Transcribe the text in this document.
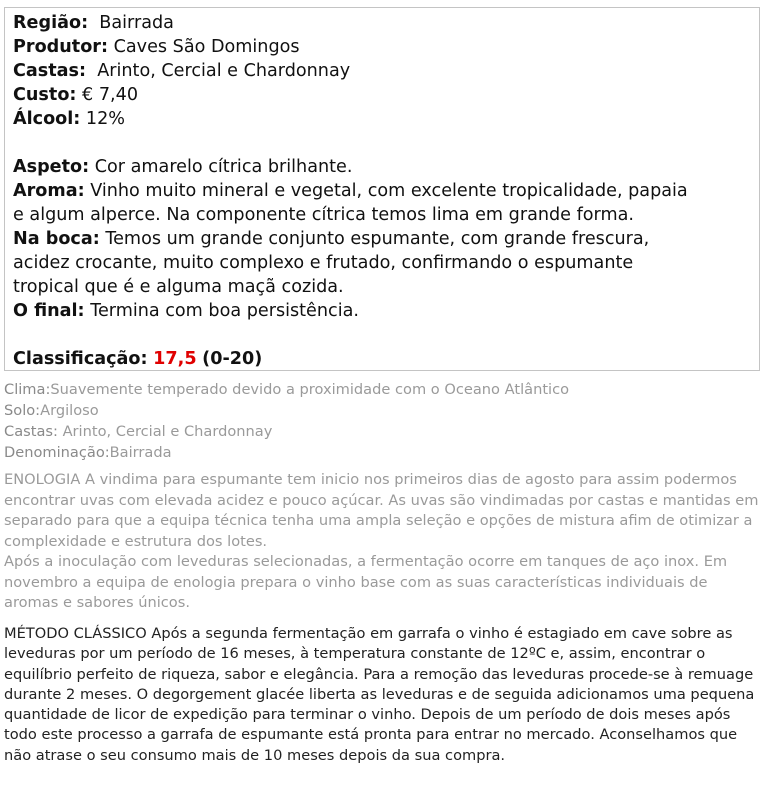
Região: Bairrada
Produtor: Caves São Domingos
Castas: Arinto, Cercial e Chardonnay
Custo: € 7,40
Álcool: 12%
Aspeto: Cor amarelo cítrica brilhante.
Aroma: Vinho muito mineral e vegetal, com excelente tropicalidade, papaia
e algum alperce. Na componente cítrica temos lima em grande forma.
Na boca: Temos um grande conjunto espumante, com grande frescura,
acidez crocante, muito complexo e frutado, confirmando o espumante
tropical que é e alguma maçã cozida.
O final: Termina com boa persistência.
Classificação: 17,5 (0-20)
Clima:Suavemente temperado devido a proximidade com o Oceano Atlântico
Solo:Argiloso
Castas: Arinto, Cercial e Chardonnay
Denominação:Bairrada
ENOLOGIA A vindima para espumante tem inicio nos primeiros dias de agosto para assim podermos encontrar uvas com elevada acidez e pouco açúcar. As uvas são vindimadas por castas e mantidas em separado para que a equipa técnica tenha uma ampla seleção e opções de mistura afim de otimizar a complexidade e estrutura dos lotes.
Após a inoculação com leveduras selecionadas, a fermentação ocorre em tanques de aço inox. Em novembro a equipa de enologia prepara o vinho base com as suas características individuais de aromas e sabores únicos.
MÉTODO CLÁSSICO Após a segunda fermentação em garrafa o vinho é estagiado em cave sobre as leveduras por um período de 16 meses, à temperatura constante de 12ºC e, assim, encontrar o equilíbrio perfeito de riqueza, sabor e elegância. Para a remoção das leveduras procede-se à remuage durante 2 meses. O degorgement glacée liberta as leveduras e de seguida adicionamos uma pequena quantidade de licor de expedição para terminar o vinho. Depois de um período de dois meses após todo este processo a garrafa de espumante está pronta para entrar no mercado. Aconselhamos que não atrase o seu consumo mais de 10 meses depois da sua compra.
